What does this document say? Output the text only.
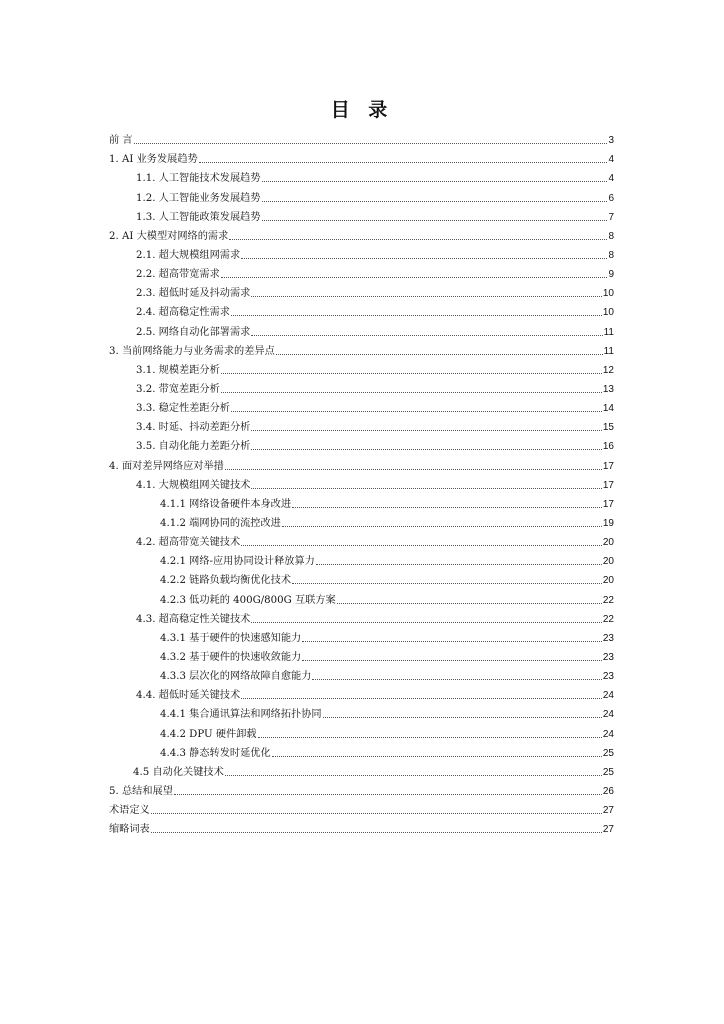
目 录
前 言	3
1. AI 业务发展趋势	4
1.1. 人工智能技术发展趋势	4
1.2. 人工智能业务发展趋势	6
1.3. 人工智能政策发展趋势	7
2. AI 大模型对网络的需求	8
2.1. 超大规模组网需求	8
2.2. 超高带宽需求	9
2.3. 超低时延及抖动需求	10
2.4. 超高稳定性需求	10
2.5. 网络自动化部署需求	11
3. 当前网络能力与业务需求的差异点	11
3.1. 规模差距分析	12
3.2. 带宽差距分析	13
3.3. 稳定性差距分析	14
3.4. 时延、抖动差距分析	15
3.5. 自动化能力差距分析	16
4. 面对差异网络应对举措	17
4.1. 大规模组网关键技术	17
4.1.1 网络设备硬件本身改进	17
4.1.2 端网协同的流控改进	19
4.2. 超高带宽关键技术	20
4.2.1 网络-应用协同设计释放算力	20
4.2.2 链路负载均衡优化技术	20
4.2.3 低功耗的 400G/800G 互联方案	22
4.3. 超高稳定性关键技术	22
4.3.1 基于硬件的快速感知能力	23
4.3.2 基于硬件的快速收敛能力	23
4.3.3 层次化的网络故障自愈能力	23
4.4. 超低时延关键技术	24
4.4.1 集合通讯算法和网络拓扑协同	24
4.4.2 DPU 硬件卸载	24
4.4.3 静态转发时延优化	25
4.5 自动化关键技术	25
5. 总结和展望	26
术语定义	27
缩略词表	27
